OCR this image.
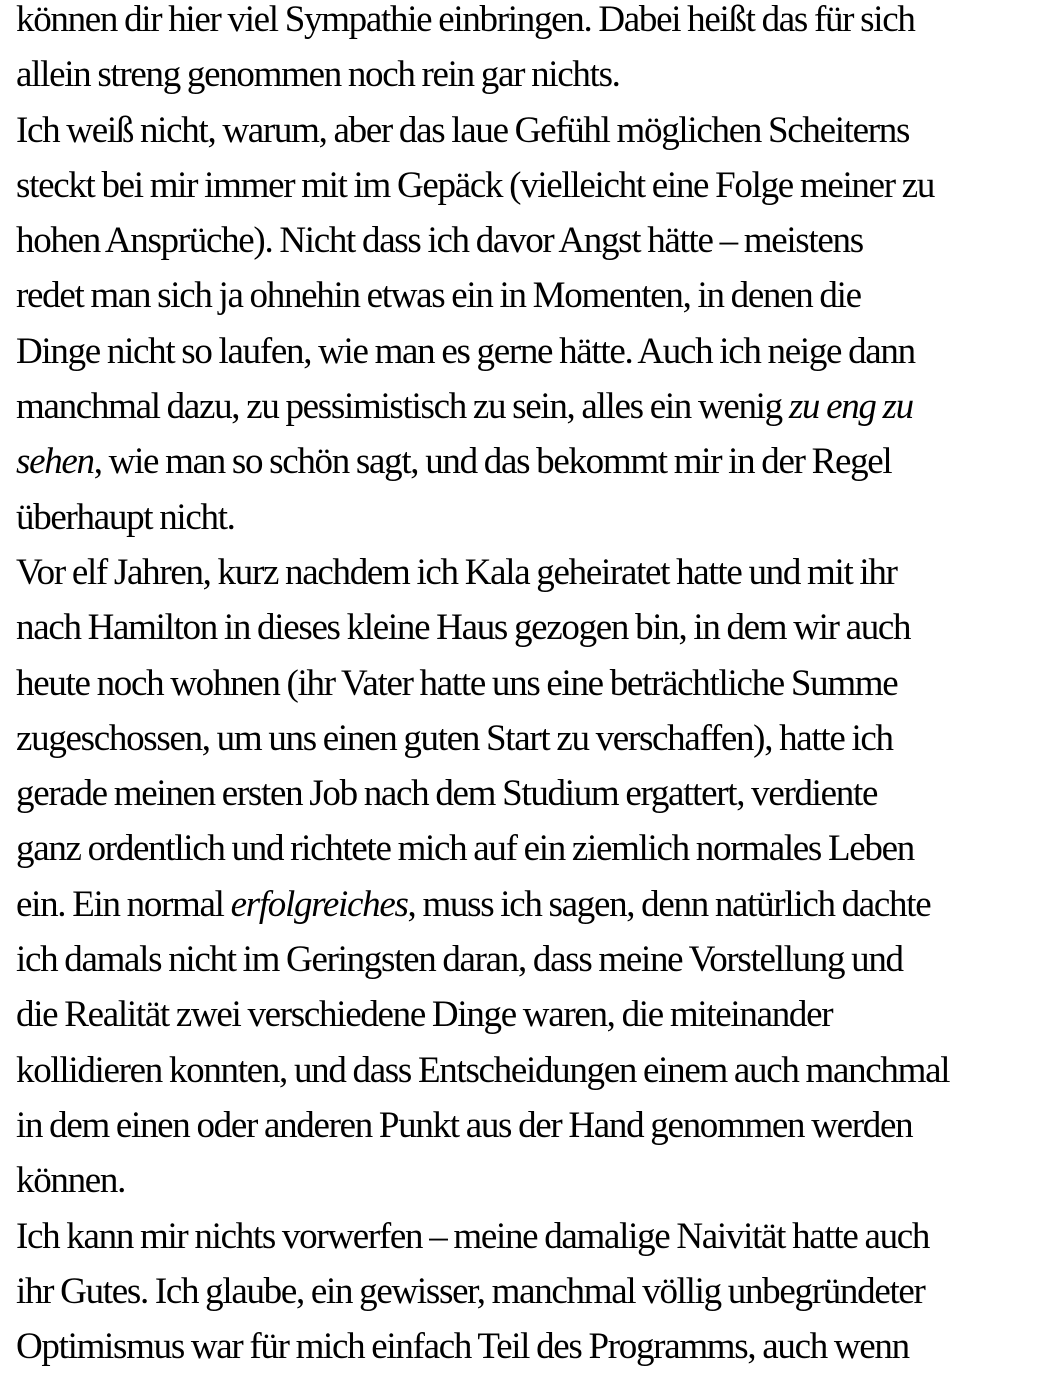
können dir hier viel Sympathie einbringen. Dabei heißt das für sich
allein streng genommen noch rein gar nichts.
Ich weiß nicht, warum, aber das laue Gefühl möglichen Scheiterns
steckt bei mir immer mit im Gepäck (vielleicht eine Folge meiner zu
hohen Ansprüche). Nicht dass ich davor Angst hätte – meistens
redet man sich ja ohnehin etwas ein in Momenten, in denen die
Dinge nicht so laufen, wie man es gerne hätte. Auch ich neige dann
manchmal dazu, zu pessimistisch zu sein, alles ein wenig zu eng zu
sehen, wie man so schön sagt, und das bekommt mir in der Regel
überhaupt nicht.
Vor elf Jahren, kurz nachdem ich Kala geheiratet hatte und mit ihr
nach Hamilton in dieses kleine Haus gezogen bin, in dem wir auch
heute noch wohnen (ihr Vater hatte uns eine beträchtliche Summe
zugeschossen, um uns einen guten Start zu verschaffen), hatte ich
gerade meinen ersten Job nach dem Studium ergattert, verdiente
ganz ordentlich und richtete mich auf ein ziemlich normales Leben
ein. Ein normal erfolgreiches, muss ich sagen, denn natürlich dachte
ich damals nicht im Geringsten daran, dass meine Vorstellung und
die Realität zwei verschiedene Dinge waren, die miteinander
kollidieren konnten, und dass Entscheidungen einem auch manchmal
in dem einen oder anderen Punkt aus der Hand genommen werden
können.
Ich kann mir nichts vorwerfen – meine damalige Naivität hatte auch
ihr Gutes. Ich glaube, ein gewisser, manchmal völlig unbegründeter
Optimismus war für mich einfach Teil des Programms, auch wenn
